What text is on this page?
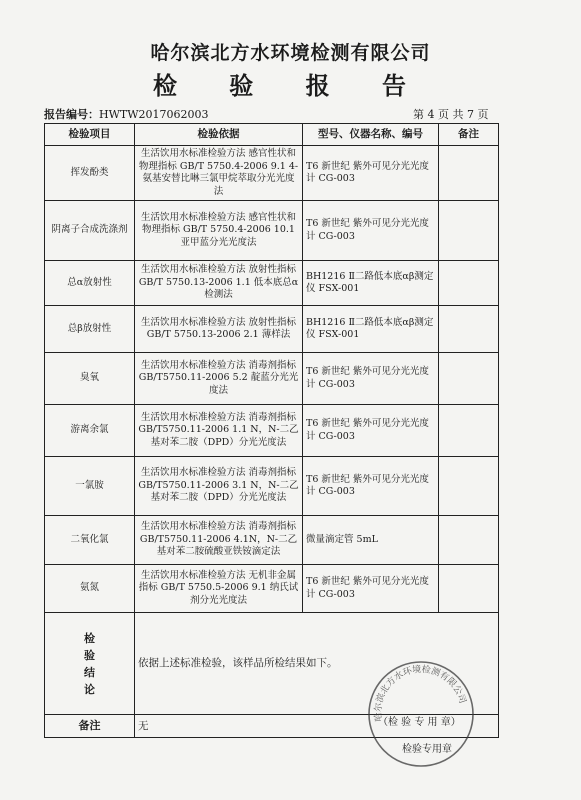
哈尔滨北方水环境检测有限公司
检 验 报 告
报告编号：HWTW2017062003	第 4 页 共 7 页
检验项目	检验依据	型号、仪器名称、编号	备注
挥发酚类	生活饮用水标准检验方法 感官性状和物理指标 GB/T 5750.4-2006 9.1 4-氨基安替比啉三氯甲烷萃取分光光度法	T6 新世纪 紫外可见分光光度计 CG-003	
阴离子合成洗涤剂	生活饮用水标准检验方法 感官性状和物理指标 GB/T 5750.4-2006 10.1 亚甲蓝分光光度法	T6 新世纪 紫外可见分光光度计 CG-003	
总α放射性	生活饮用水标准检验方法 放射性指标 GB/T 5750.13-2006 1.1 低本底总α检测法	BH1216 Ⅱ二路低本底αβ测定仪 FSX-001	
总β放射性	生活饮用水标准检验方法 放射性指标 GB/T 5750.13-2006 2.1 薄样法	BH1216 Ⅱ二路低本底αβ测定仪 FSX-001	
臭氧	生活饮用水标准检验方法 消毒剂指标 GB/T5750.11-2006 5.2 靛蓝分光光度法	T6 新世纪 紫外可见分光光度计 CG-003	
游离余氯	生活饮用水标准检验方法 消毒剂指标 GB/T5750.11-2006 1.1 N，N-二乙基对苯二胺（DPD）分光光度法	T6 新世纪 紫外可见分光光度计 CG-003	
一氯胺	生活饮用水标准检验方法 消毒剂指标 GB/T5750.11-2006 3.1 N，N-二乙基对苯二胺（DPD）分光光度法	T6 新世纪 紫外可见分光光度计 CG-003	
二氧化氯	生活饮用水标准检验方法 消毒剂指标 GB/T5750.11-2006 4.1N，N-二乙基对苯二胺硫酸亚铁铵滴定法	微量滴定管 5mL	
氨氮	生活饮用水标准检验方法 无机非金属指标 GB/T 5750.5-2006 9.1 纳氏试剂分光光度法	T6 新世纪 紫外可见分光光度计 CG-003	

检
验
结
论	依据上述标准检验，该样品所检结果如下。		
备注	无		
哈尔滨北方水环境检测有限公司
（检 验 专 用 章）
检验专用章
